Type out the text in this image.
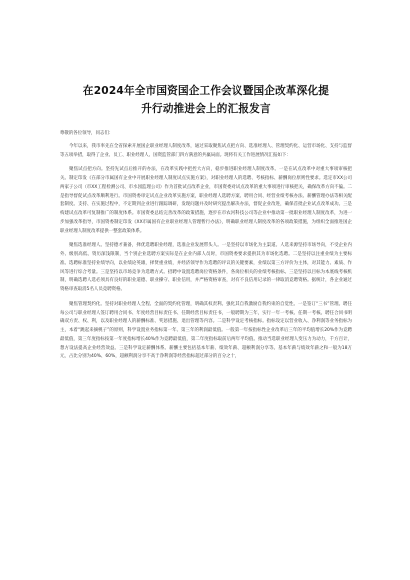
在2024年全市国资国企工作会议暨国企改革深化提
升行动推进会上的汇报发言

尊敬的各位领导，同志们：

今年以来，我市率先在全省探索开展国企职业经理人制度改革，通过采取聚焦试点把方向、选准经理人、管理契约化、运营市场化、支持与监督等五项举措，取得了企业、员工、职业经理人、国资监管部门四方满意的共赢局面。现将有关工作进展情况汇报如下：

聚焦试点把方向。坚持先试点后推开的办法，在改革实践中把控大方向，稳步推进职业经理人制度改革。一是在试点改革中对重大事项审核把关。制定印发《在部分市属国有企业中开展职业经理人制度试点实施方案》，对职业经理人的选聘、考核指标、薪酬岗位原则性要求。选定市XX公司两家子公司（市XX工程检测公司、市水园监理公司）作为首批试点改革企业，市国资委对试点改革的重大事项进行审核把关，确保改革方向不偏。二是指导督促试点改革顺利进行。市国资委审定试点企业改革实施方案，职业经理人选聘方案、聘用合同、经营业绩考核办法、薪酬管理办法等相关配套制度。支持、在实施过程中，不定期到企业进行跟踪调研，发现问题并及时研究提出解决办法，督促企业改进，确保首批企业试点改革成功。三是构建试点改革可复制推广的制度体系。市国资委总结完善改革的政策措施，逐步在市农河科技公司等企业中推动第一批职业经理人制度改革，为进一步加强改革指导，市国资委制定印发《XX市属国有企业职业经理人管理暂行办法》，明确职业经理人制度改革的各项政策措施，为组织全面推进国企职业经理人制度改革提供一整套政策体系。

聚焦选准经理人。坚持德才兼备，择优选聘职业经理，选准企业发展带头人。一是坚持以市场化为主渠道。人选来源坚持市场导向，不受企业内外、级别高低、资历深浅限制，当个别企业选聘方案实际是在企业内部人员时，市国资委要求提供其为市场化选聘。二是坚持以注重业绩为主要标准。选聘标准坚持业绩导向，以业绩论英雄，择贤重业绩，并经济领导作为选聘的评议的关键要素，业绩以第三方评价为主体，对其能力、素质、作风等进行综合考量。三是坚持以市场竞争为选聘方式。招聘中设置选聘岗位资格条件，各岗位相关的业绩考核指标。三是坚持以目标为本底线考核机制，明确选聘人选必须具有良好的职业道德、职业操守、职业信用，并严格资格审查，对有不良信用记录的一律取消竞聘资格。据统计，各企业通过资格审查取消5名人员竞聘资格。

聚焦管理契约化。坚持对职业经理人全程、全面的契约化管理，明确其权责利。强化其自我激励自我约束的自觉性。一是签订“三书”管理。聘任每公司与职业经理人签订聘用合同书、年度经营目标责任书、任期经营目标责任书，一般聘期为三年，实行一年一考核、任期一考核。聘任合同书明确双方责、权、利，以及职业经理人的薪酬标准、奖惩措施、退出管理等内容。二是科学设定考核指标。指标设定以营业收入、净利润等业务指标为主，本着“跳起来摘桃子”的原则，科学设置业务指标第一年、第三年的利润最低值。一般第一年按指标性企业改革后三年的平均值增长20%作为竞聘最低值，第三年度指标按第一年度指标增长40%作为竞聘最低值，第二年度指标取前后两年平均值。推动当选职业经理人变压力为动力，千方百计，想方设法提高企业经营效益。三是科学设定薪酬体系。薪酬主要包括基本年薪、绩效年薪、超额利润分享等。基本年薪与绩效年薪之和一般为18万元，占比分别为40%、60%，超额利润分享不高于净利润等经营指标超过部分的百分之十，
